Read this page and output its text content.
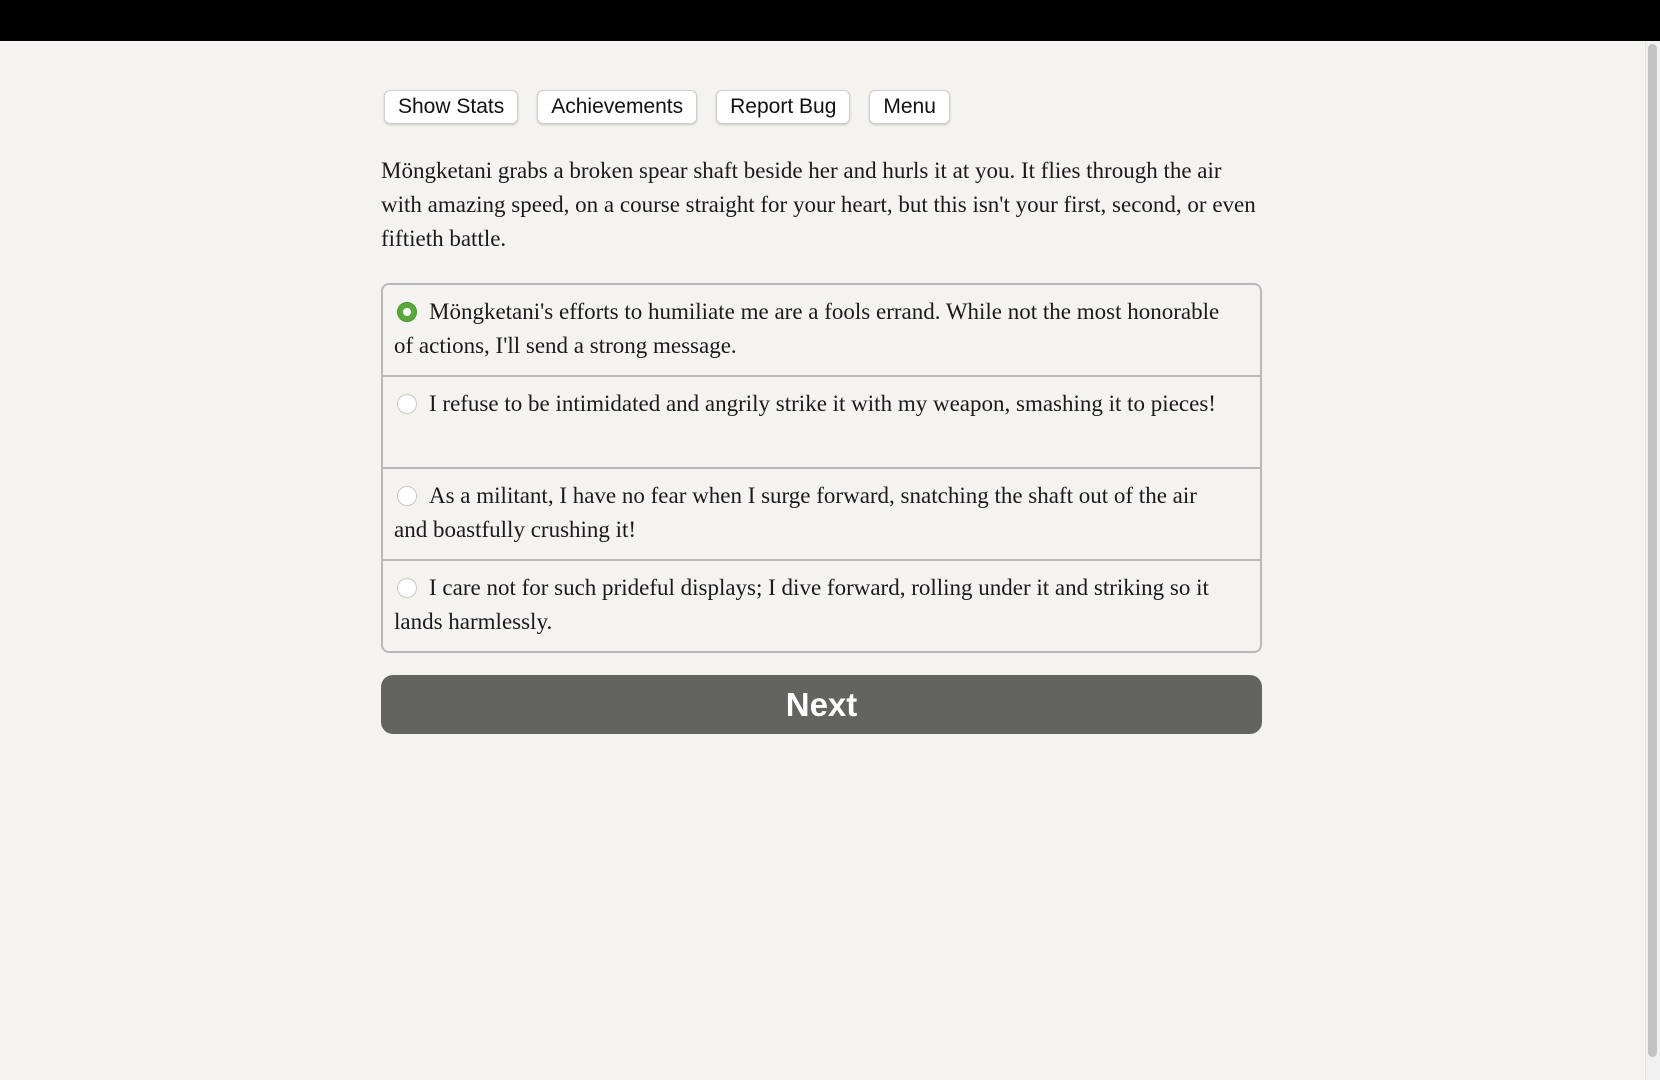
Show Stats	Achievements	Report Bug	Menu

Möngketani grabs a broken spear shaft beside her and hurls it at you. It flies through the air with amazing speed, on a course straight for your heart, but this isn't your first, second, or even fiftieth battle.

Möngketani's efforts to humiliate me are a fools errand. While not the most honorable of actions, I'll send a strong message.
I refuse to be intimidated and angrily strike it with my weapon, smashing it to pieces!
As a militant, I have no fear when I surge forward, snatching the shaft out of the air and boastfully crushing it!
I care not for such prideful displays; I dive forward, rolling under it and striking so it lands harmlessly.
Next
